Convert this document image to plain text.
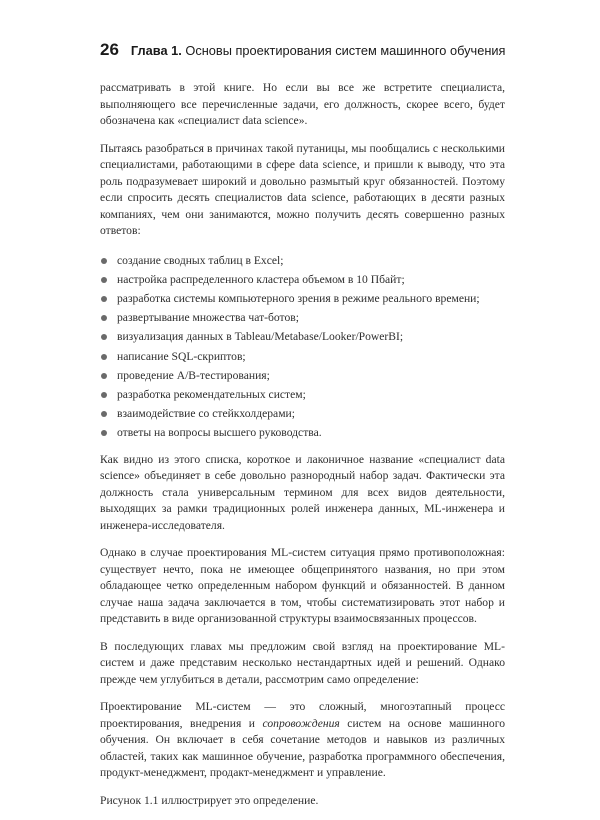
26 Глава 1. Основы проектирования систем машинного обучения

рассматривать в этой книге. Но если вы все же встретите специалиста, выполняющего все перечисленные задачи, его должность, скорее всего, будет обозначена как «специалист data science».

Пытаясь разобраться в причинах такой путаницы, мы пообщались с несколькими специалистами, работающими в сфере data science, и пришли к выводу, что эта роль подразумевает широкий и довольно размытый круг обязанностей. Поэтому если спросить десять специалистов data science, работающих в десяти разных компаниях, чем они занимаются, можно получить десять совершенно разных ответов:

создание сводных таблиц в Excel;
настройка распределенного кластера объемом в 10 Пбайт;
разработка системы компьютерного зрения в режиме реального времени;
развертывание множества чат-ботов;
визуализация данных в Tableau/Metabase/Looker/PowerBI;
написание SQL-скриптов;
проведение A/B-тестирования;
разработка рекомендательных систем;
взаимодействие со стейкхолдерами;
ответы на вопросы высшего руководства.

Как видно из этого списка, короткое и лаконичное название «специалист data science» объединяет в себе довольно разнородный набор задач. Фактически эта должность стала универсальным термином для всех видов деятельности, выходящих за рамки традиционных ролей инженера данных, ML-инженера и инженера-исследователя.

Однако в случае проектирования ML-систем ситуация прямо противоположная: существует нечто, пока не имеющее общепринятого названия, но при этом обладающее четко определенным набором функций и обязанностей. В данном случае наша задача заключается в том, чтобы систематизировать этот набор и представить в виде организованной структуры взаимосвязанных процессов.

В последующих главах мы предложим свой взгляд на проектирование ML-систем и даже представим несколько нестандартных идей и решений. Однако прежде чем углубиться в детали, рассмотрим само определение:

Проектирование ML-систем — это сложный, многоэтапный процесс проектирования, внедрения и сопровождения систем на основе машинного обучения. Он включает в себя сочетание методов и навыков из различных областей, таких как машинное обучение, разработка программного обеспечения, продукт-менеджмент, продакт-менеджмент и управление.

Рисунок 1.1 иллюстрирует это определение.
